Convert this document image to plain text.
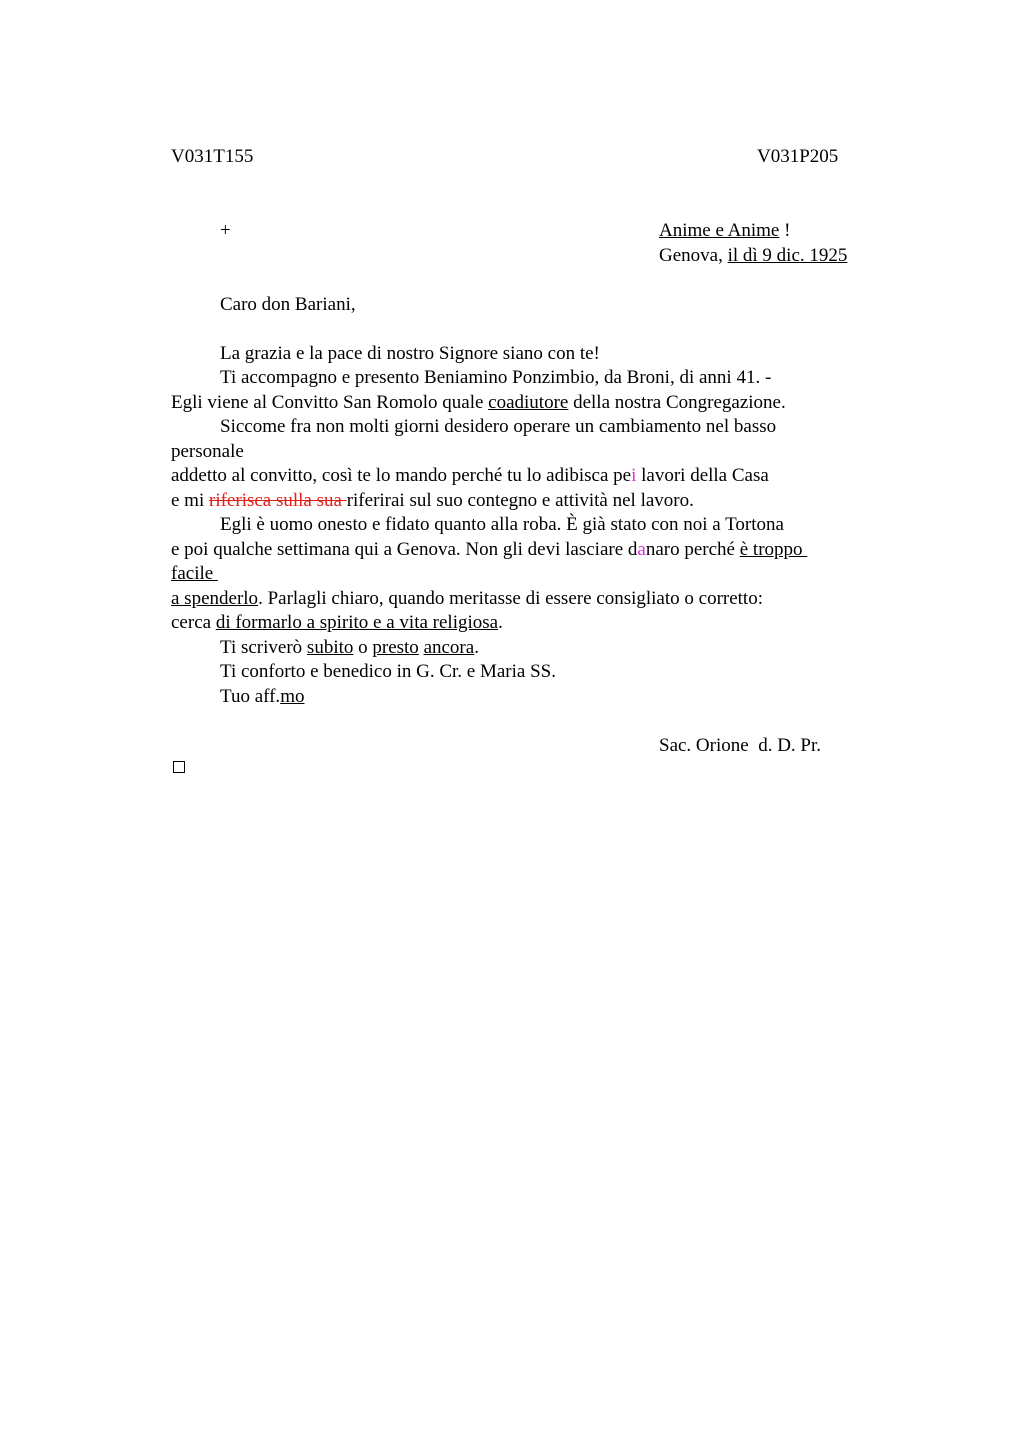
V031T155	V031P205
+	Anime e Anime !
Genova, il dì 9 dic. 1925
Caro don Bariani,
La grazia e la pace di nostro Signore siano con te!
Ti accompagno e presento Beniamino Ponzimbio, da Broni, di anni 41. -
Egli viene al Convitto San Romolo quale coadiutore della nostra Congregazione.
Siccome fra non molti giorni desidero operare un cambiamento nel basso
personale
addetto al convitto, così te lo mando perché tu lo adibisca pei lavori della Casa
e mi riferisca sulla sua riferirai sul suo contegno e attività nel lavoro.
Egli è uomo onesto e fidato quanto alla roba. È già stato con noi a Tortona
e poi qualche settimana qui a Genova. Non gli devi lasciare danaro perché è troppo
facile
a spenderlo. Parlagli chiaro, quando meritasse di essere consigliato o corretto:
cerca di formarlo a spirito e a vita religiosa.
Ti scriverò subito o presto ancora.
Ti conforto e benedico in G. Cr. e Maria SS.
Tuo aff.mo
Sac. Orione  d. D. Pr.
